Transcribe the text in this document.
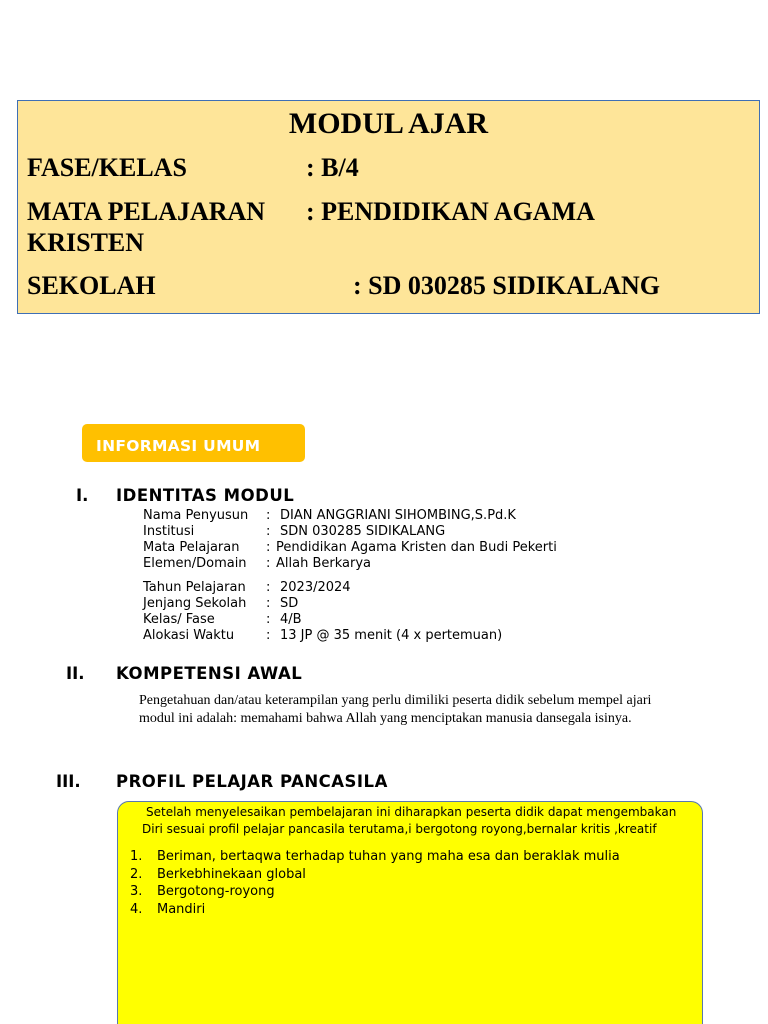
MODUL AJAR
FASE/KELAS	: B/4
MATA PELAJARAN : PENDIDIKAN AGAMA
KRISTEN
SEKOLAH	: SD 030285 SIDIKALANG
INFORMASI UMUM
I. IDENTITAS MODUL
Nama Penyusun : DIAN ANGGRIANI SIHOMBING,S.Pd.K
Institusi	: SDN 030285 SIDIKALANG
Mata Pelajaran : Pendidikan Agama Kristen dan Budi Pekerti
Elemen/Domain : Allah Berkarya
Tahun Pelajaran : 2023/2024
Jenjang Sekolah : SD
Kelas/ Fase	: 4/B
Alokasi Waktu : 13 JP @ 35 menit (4 x pertemuan)
II. KOMPETENSI AWAL
Pengetahuan dan/atau keterampilan yang perlu dimiliki peserta didik sebelum mempel ajari modul ini adalah: memahami bahwa Allah yang menciptakan manusia dansegala isinya.
III. PROFIL PELAJAR PANCASILA
Setelah menyelesaikan pembelajaran ini diharapkan peserta didik dapat mengembakan
Diri sesuai profil pelajar pancasila terutama,i bergotong royong,bernalar kritis ,kreatif
1. Beriman, bertaqwa terhadap tuhan yang maha esa dan beraklak mulia
2. Berkebhinekaan global
3. Bergotong-royong
4. Mandiri
